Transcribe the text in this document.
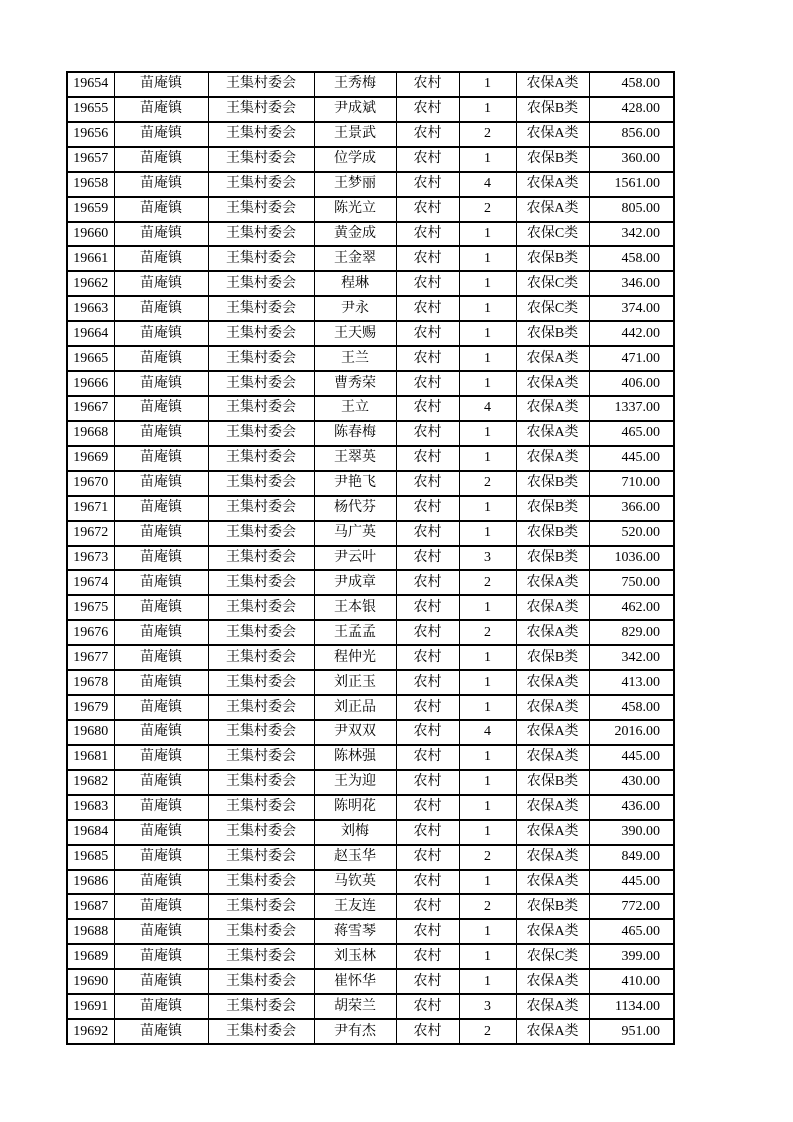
19654	苗庵镇	王集村委会	王秀梅	农村	1	农保A类	458.00
19655	苗庵镇	王集村委会	尹成斌	农村	1	农保B类	428.00
19656	苗庵镇	王集村委会	王景武	农村	2	农保A类	856.00
19657	苗庵镇	王集村委会	位学成	农村	1	农保B类	360.00
19658	苗庵镇	王集村委会	王梦丽	农村	4	农保A类	1561.00
19659	苗庵镇	王集村委会	陈光立	农村	2	农保A类	805.00
19660	苗庵镇	王集村委会	黄金成	农村	1	农保C类	342.00
19661	苗庵镇	王集村委会	王金翠	农村	1	农保B类	458.00
19662	苗庵镇	王集村委会	程琳	农村	1	农保C类	346.00
19663	苗庵镇	王集村委会	尹永	农村	1	农保C类	374.00
19664	苗庵镇	王集村委会	王天赐	农村	1	农保B类	442.00
19665	苗庵镇	王集村委会	王兰	农村	1	农保A类	471.00
19666	苗庵镇	王集村委会	曹秀荣	农村	1	农保A类	406.00
19667	苗庵镇	王集村委会	王立	农村	4	农保A类	1337.00
19668	苗庵镇	王集村委会	陈春梅	农村	1	农保A类	465.00
19669	苗庵镇	王集村委会	王翠英	农村	1	农保A类	445.00
19670	苗庵镇	王集村委会	尹艳飞	农村	2	农保B类	710.00
19671	苗庵镇	王集村委会	杨代芬	农村	1	农保B类	366.00
19672	苗庵镇	王集村委会	马广英	农村	1	农保B类	520.00
19673	苗庵镇	王集村委会	尹云叶	农村	3	农保B类	1036.00
19674	苗庵镇	王集村委会	尹成章	农村	2	农保A类	750.00
19675	苗庵镇	王集村委会	王本银	农村	1	农保A类	462.00
19676	苗庵镇	王集村委会	王孟孟	农村	2	农保A类	829.00
19677	苗庵镇	王集村委会	程仲光	农村	1	农保B类	342.00
19678	苗庵镇	王集村委会	刘正玉	农村	1	农保A类	413.00
19679	苗庵镇	王集村委会	刘正品	农村	1	农保A类	458.00
19680	苗庵镇	王集村委会	尹双双	农村	4	农保A类	2016.00
19681	苗庵镇	王集村委会	陈林强	农村	1	农保A类	445.00
19682	苗庵镇	王集村委会	王为迎	农村	1	农保B类	430.00
19683	苗庵镇	王集村委会	陈明花	农村	1	农保A类	436.00
19684	苗庵镇	王集村委会	刘梅	农村	1	农保A类	390.00
19685	苗庵镇	王集村委会	赵玉华	农村	2	农保A类	849.00
19686	苗庵镇	王集村委会	马钦英	农村	1	农保A类	445.00
19687	苗庵镇	王集村委会	王友连	农村	2	农保B类	772.00
19688	苗庵镇	王集村委会	蒋雪琴	农村	1	农保A类	465.00
19689	苗庵镇	王集村委会	刘玉林	农村	1	农保C类	399.00
19690	苗庵镇	王集村委会	崔怀华	农村	1	农保A类	410.00
19691	苗庵镇	王集村委会	胡荣兰	农村	3	农保A类	1134.00
19692	苗庵镇	王集村委会	尹有杰	农村	2	农保A类	951.00
